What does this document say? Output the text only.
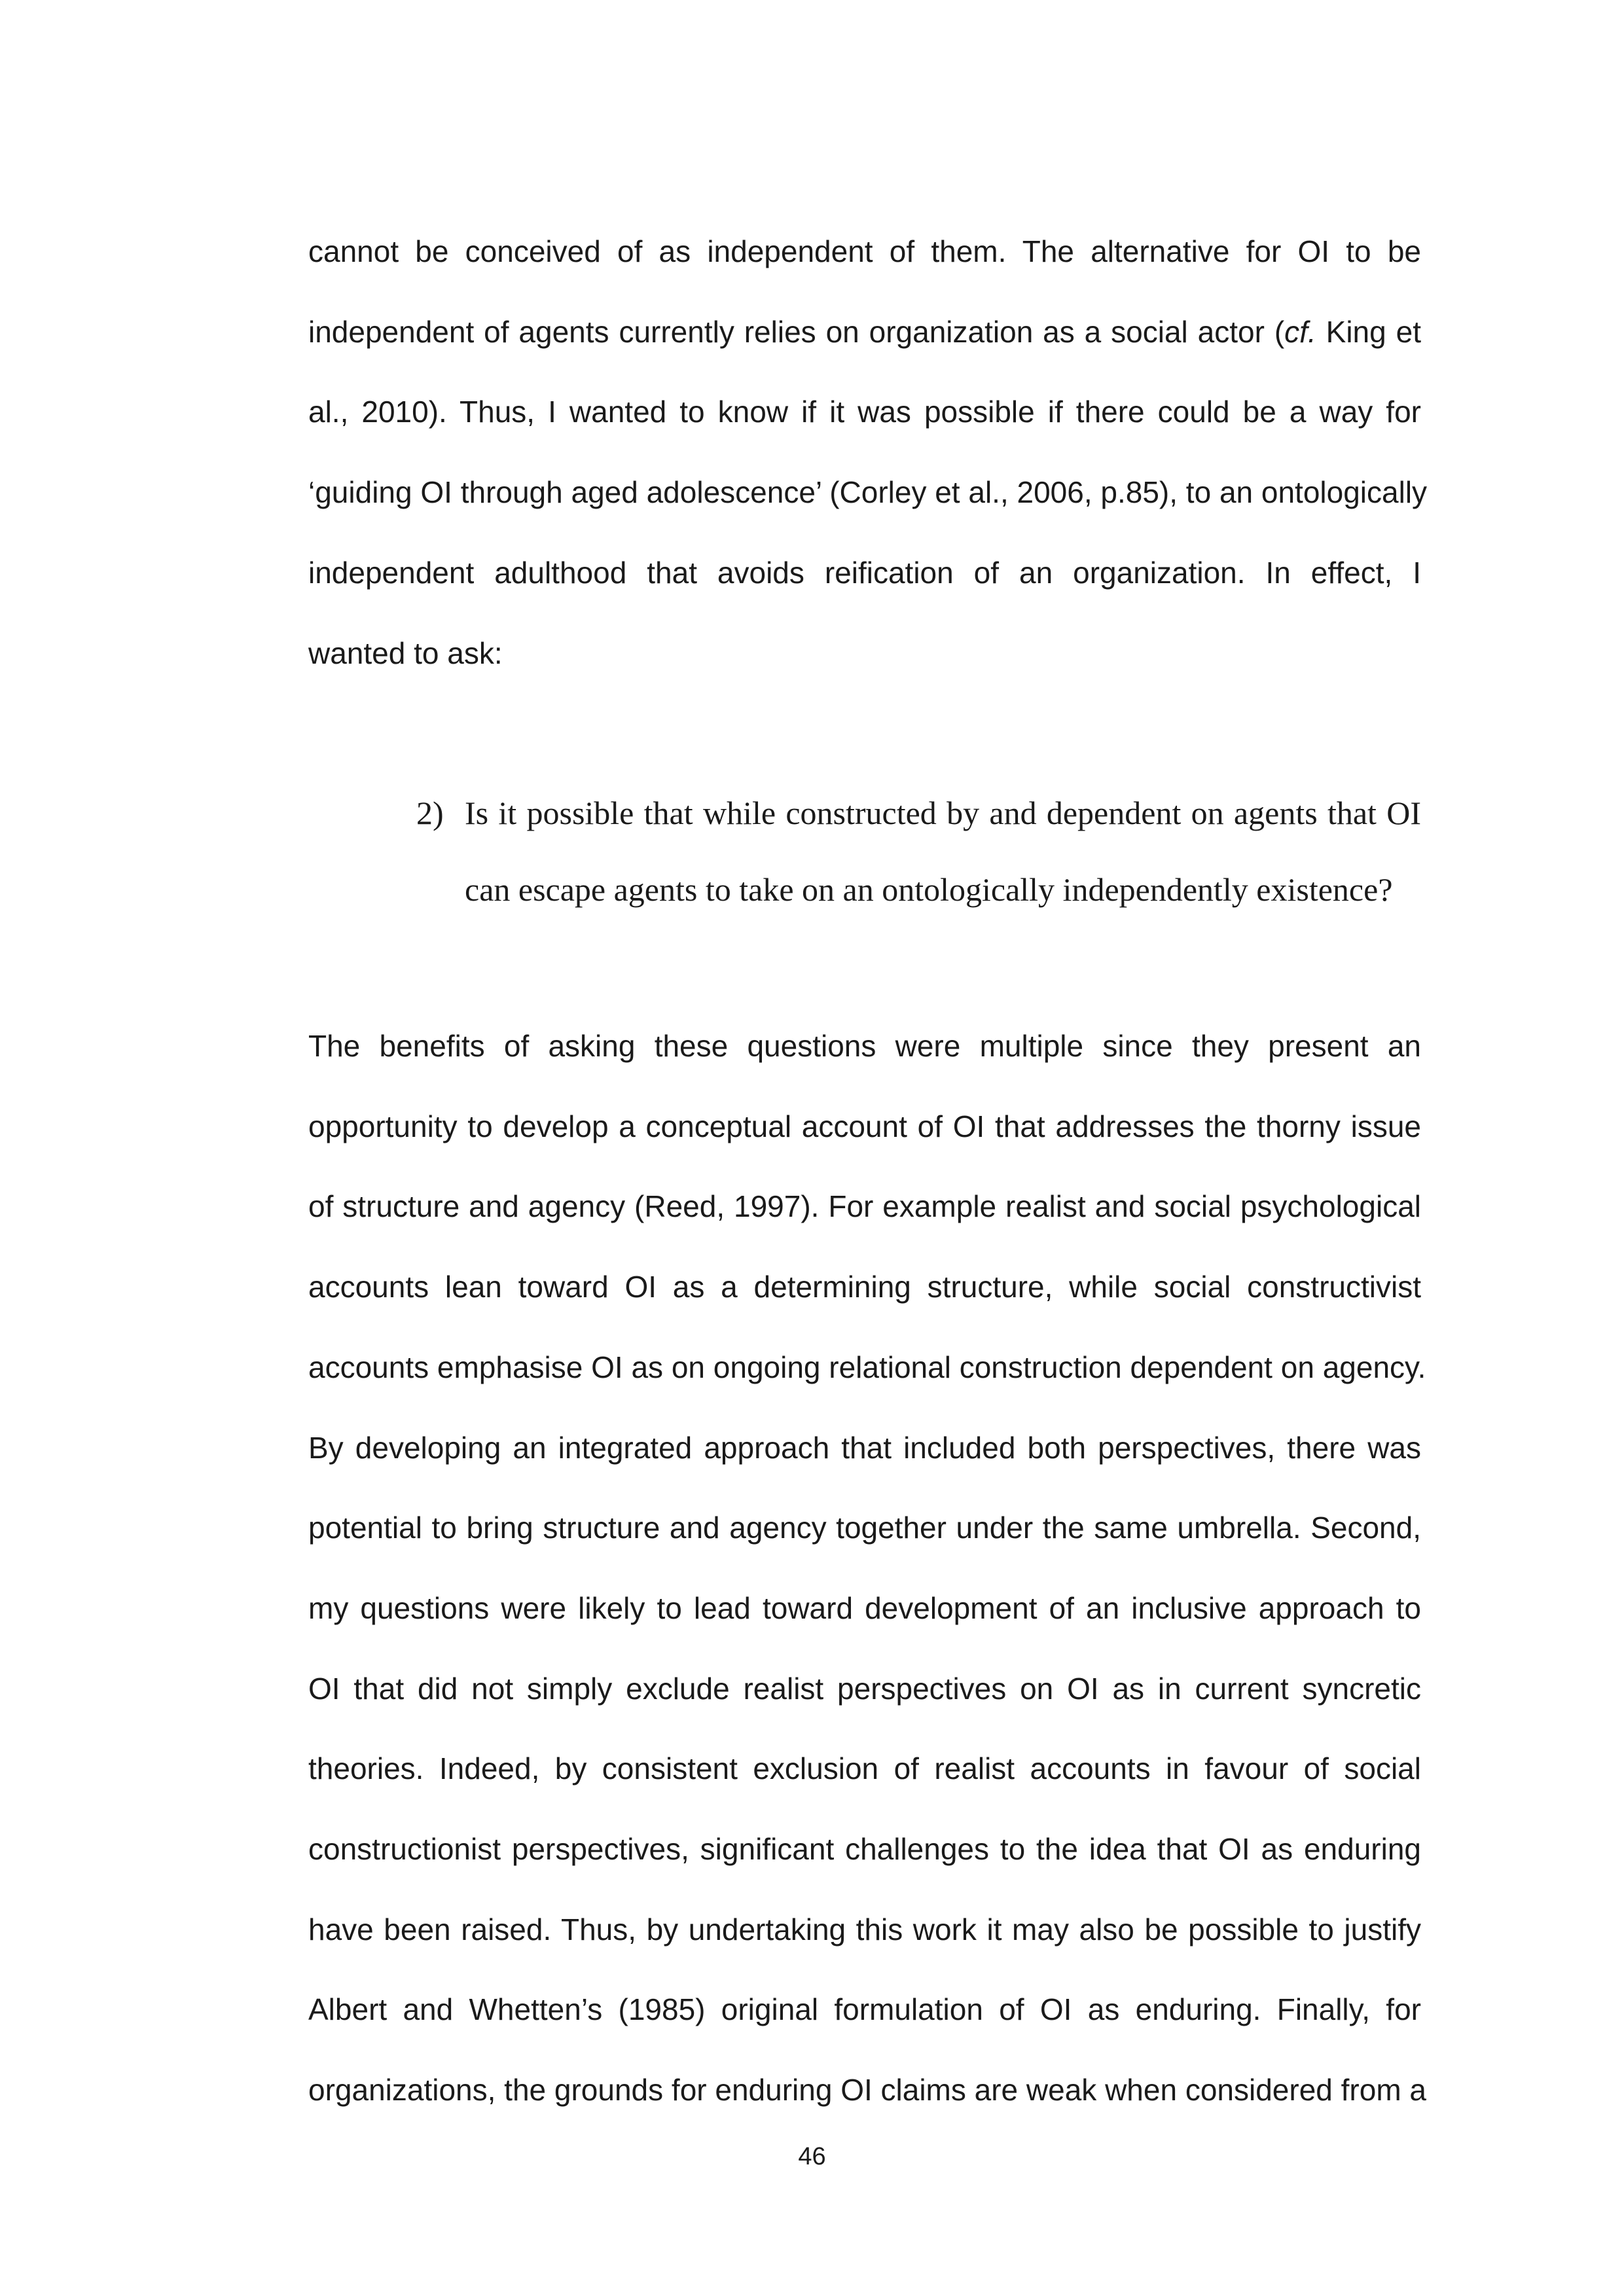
cannot be conceived of as independent of them. The alternative for OI to be
independent of agents currently relies on organization as a social actor (cf. King et
al., 2010). Thus, I wanted to know if it was possible if there could be a way for
‘guiding OI through aged adolescence’ (Corley et al., 2006, p.85), to an ontologically
independent adulthood that avoids reification of an organization. In effect, I
wanted to ask:
2) Is it possible that while constructed by and dependent on agents that OI
can escape agents to take on an ontologically independently existence?
The benefits of asking these questions were multiple since they present an
opportunity to develop a conceptual account of OI that addresses the thorny issue
of structure and agency (Reed, 1997). For example realist and social psychological
accounts lean toward OI as a determining structure, while social constructivist
accounts emphasise OI as on ongoing relational construction dependent on agency.
By developing an integrated approach that included both perspectives, there was
potential to bring structure and agency together under the same umbrella. Second,
my questions were likely to lead toward development of an inclusive approach to
OI that did not simply exclude realist perspectives on OI as in current syncretic
theories. Indeed, by consistent exclusion of realist accounts in favour of social
constructionist perspectives, significant challenges to the idea that OI as enduring
have been raised. Thus, by undertaking this work it may also be possible to justify
Albert and Whetten’s (1985) original formulation of OI as enduring. Finally, for
organizations, the grounds for enduring OI claims are weak when considered from a
46
